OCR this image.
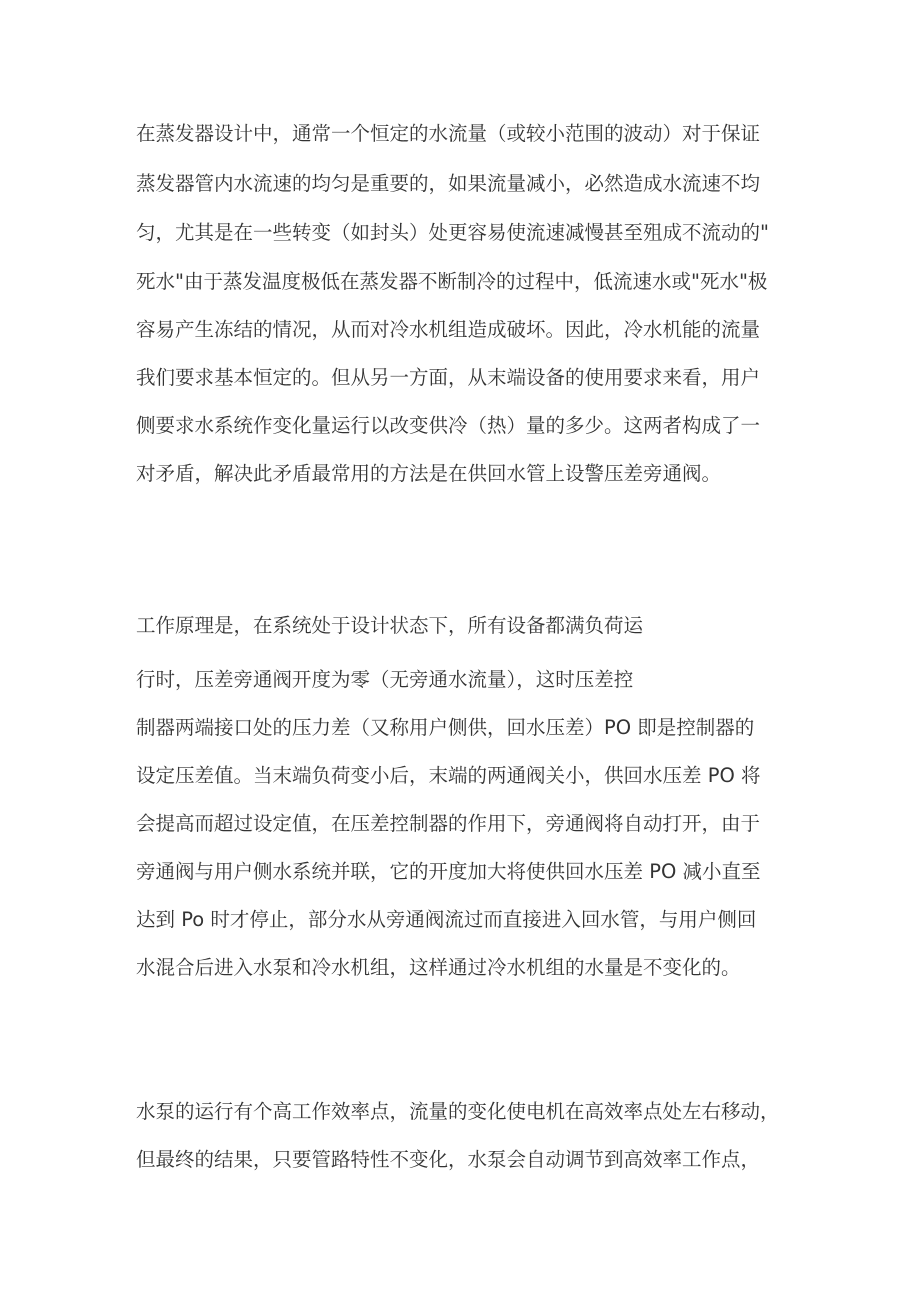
在蒸发器设计中，通常一个恒定的水流量（或较小范围的波动）对于保证
蒸发器管内水流速的均匀是重要的，如果流量减小，必然造成水流速不均
匀，尤其是在一些转变（如封头）处更容易使流速减慢甚至殂成不流动的"
死水"由于蒸发温度极低在蒸发器不断制冷的过程中，低流速水或"死水"极
容易产生冻结的情况，从而对冷水机组造成破坏。因此，冷水机能的流量
我们要求基本恒定的。但从另一方面，从末端设备的使用要求来看，用户
侧要求水系统作变化量运行以改变供冷（热）量的多少。这两者构成了一
对矛盾，解决此矛盾最常用的方法是在供回水管上设警压差旁通阀。
工作原理是，在系统处于设计状态下，所有设备都满负荷运
行时，压差旁通阀开度为零（无旁通水流量），这时压差控
制器两端接口处的压力差（又称用户侧供，回水压差）PO 即是控制器的
设定压差值。当末端负荷变小后，末端的两通阀关小，供回水压差 PO 将
会提高而超过设定值，在压差控制器的作用下，旁通阀将自动打开，由于
旁通阀与用户侧水系统并联，它的开度加大将使供回水压差 PO 减小直至
达到 Po 时才停止，部分水从旁通阀流过而直接进入回水管，与用户侧回
水混合后进入水泵和冷水机组，这样通过冷水机组的水量是不变化的。
水泵的运行有个高工作效率点，流量的变化使电机在高效率点处左右移动，
但最终的结果，只要管路特性不变化，水泵会自动调节到高效率工作点，
